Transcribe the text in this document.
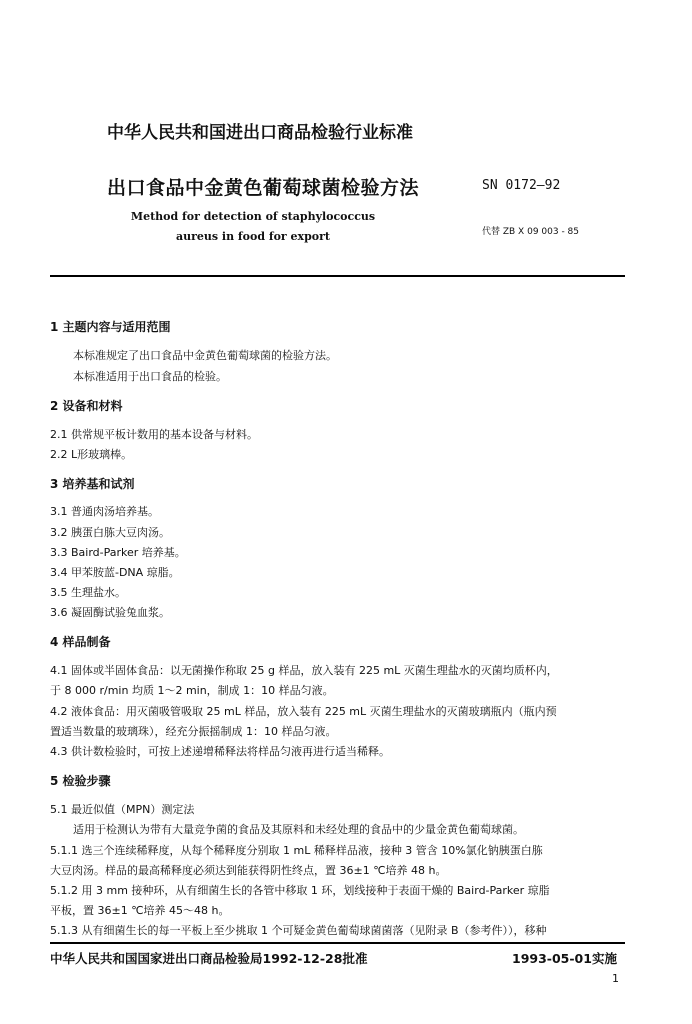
中华人民共和国进出口商品检验行业标准
出口食品中金黄色葡萄球菌检验方法	SN 0172—92
Method for detection of staphylococcus
aureus in food for export	代替 ZB X 09 003 - 85
1 主题内容与适用范围
本标准规定了出口食品中金黄色葡萄球菌的检验方法。
本标准适用于出口食品的检验。
2 设备和材料
2.1 供常规平板计数用的基本设备与材料。
2.2 L形玻璃棒。
3 培养基和试剂
3.1 普通肉汤培养基。
3.2 胰蛋白胨大豆肉汤。
3.3 Baird-Parker 培养基。
3.4 甲苯胺蓝-DNA 琼脂。
3.5 生理盐水。
3.6 凝固酶试验兔血浆。
4 样品制备
4.1 固体或半固体食品：以无菌操作称取 25 g 样品，放入装有 225 mL 灭菌生理盐水的灭菌均质杯内，
于 8 000 r/min 均质 1～2 min，制成 1：10 样品匀液。
4.2 液体食品：用灭菌吸管吸取 25 mL 样品，放入装有 225 mL 灭菌生理盐水的灭菌玻璃瓶内（瓶内预
置适当数量的玻璃珠），经充分振摇制成 1：10 样品匀液。
4.3 供计数检验时，可按上述递增稀释法将样品匀液再进行适当稀释。
5 检验步骤
5.1 最近似值（MPN）测定法
适用于检测认为带有大量竞争菌的食品及其原料和未经处理的食品中的少量金黄色葡萄球菌。
5.1.1 选三个连续稀释度，从每个稀释度分别取 1 mL 稀释样品液，接种 3 管含 10%氯化钠胰蛋白胨
大豆肉汤。样品的最高稀释度必须达到能获得阴性终点，置 36±1 ℃培养 48 h。
5.1.2 用 3 mm 接种环，从有细菌生长的各管中移取 1 环，划线接种于表面干燥的 Baird-Parker 琼脂
平板，置 36±1 ℃培养 45～48 h。
5.1.3 从有细菌生长的每一平板上至少挑取 1 个可疑金黄色葡萄球菌菌落（见附录 B（参考件）），移种
中华人民共和国国家进出口商品检验局1992-12-28批准	1993-05-01实施
1
